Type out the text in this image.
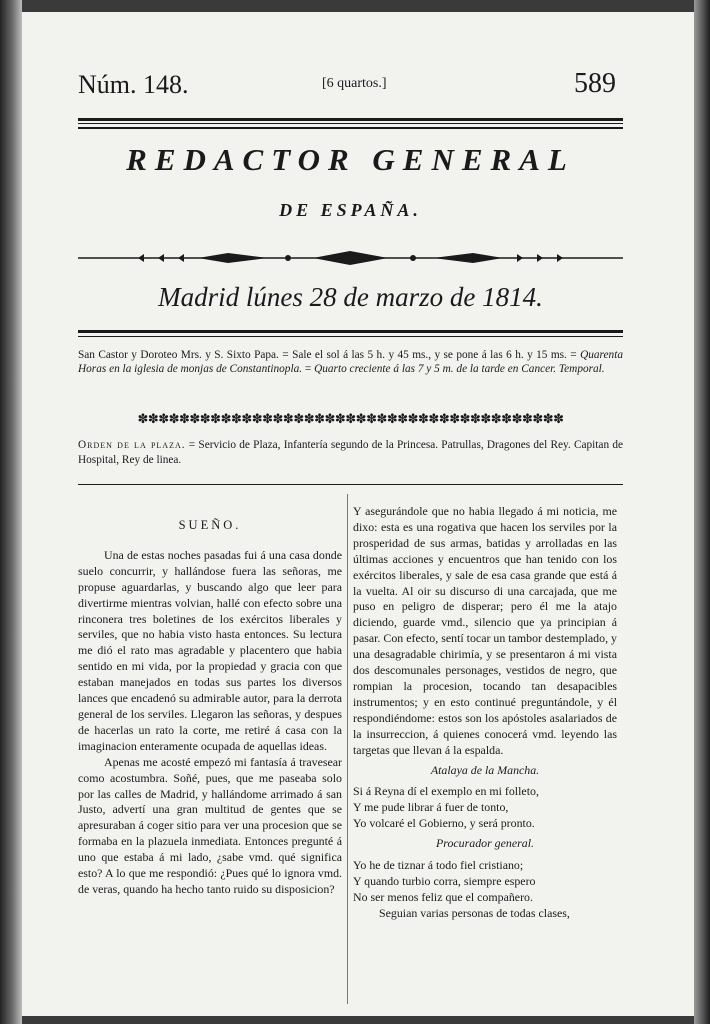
Núm. 148.	[6 quartos.]	589
REDACTOR GENERAL
DE ESPAÑA.
Madrid lúnes 28 de marzo de 1814.
San Castor y Doroteo Mrs. y S. Sixto Papa. = Sale el sol á las 5 h. y 45 ms., y se pone á las 6 h. y 15 ms. = Quarenta Horas en la iglesia de monjas de Constantinopla. = Quarto creciente á las 7 y 5 m. de la tarde en Cancer. Temporal.
✽✽✽✽✽✽✽✽✽✽✽✽✽✽✽✽✽✽✽✽✽✽✽✽✽✽✽✽✽✽✽✽✽✽✽✽✽✽✽✽✽
Orden de la plaza. = Servicio de Plaza, Infantería segundo de la Princesa. Patrullas, Dragones del Rey. Capitan de Hospital, Rey de linea.

SUEÑO.

Una de estas noches pasadas fui á una casa donde suelo concurrir, y hallándose fuera las señoras, me propuse aguardarlas, y buscando algo que leer para divertirme mientras volvian, hallé con efecto sobre una rinconera tres boletines de los exércitos liberales y serviles, que no habia visto hasta entonces. Su lectura me dió el rato mas agradable y placentero que habia sentido en mi vida, por la propiedad y gracia con que estaban manejados en todas sus partes los diversos lances que encadenó su admirable autor, para la derrota general de los serviles. Llegaron las señoras, y despues de hacerlas un rato la corte, me retiré á casa con la imaginacion enteramente ocupada de aquellas ideas.

Apenas me acosté empezó mi fantasía á travesear como acostumbra. Soñé, pues, que me paseaba solo por las calles de Madrid, y hallándome arrimado á san Justo, advertí una gran multitud de gentes que se apresuraban á coger sitio para ver una procesion que se formaba en la plazuela inmediata. Entonces pregunté á uno que estaba á mi lado, ¿sabe vmd. qué significa esto? A lo que me respondió: ¿Pues qué lo ignora vmd. de veras, quando ha hecho tanto ruido su disposicion?

Y asegurándole que no habia llegado á mi noticia, me dixo: esta es una rogativa que hacen los serviles por la prosperidad de sus armas, batidas y arrolladas en las últimas acciones y encuentros que han tenido con los exércitos liberales, y sale de esa casa grande que está á la vuelta. Al oir su discurso di una carcajada, que me puso en peligro de disperar; pero él me la atajo diciendo, guarde vmd., silencio que ya principian á pasar. Con efecto, sentí tocar un tambor destemplado, y una desagradable chirimía, y se presentaron á mi vista dos descomunales personages, vestidos de negro, que rompian la procesion, tocando tan desapacibles instrumentos; y en esto continué preguntándole, y él respondiéndome: estos son los apóstoles asalariados de la insurreccion, á quienes conocerá vmd. leyendo las targetas que llevan á la espalda.

Atalaya de la Mancha.

Si á Reyna dí el exemplo en mi folleto,

Y me pude librar á fuer de tonto,

Yo volcaré el Gobierno, y será pronto.

Procurador general.

Yo he de tiznar á todo fiel cristiano;

Y quando turbio corra, siempre espero

No ser menos feliz que el compañero.

Seguian varias personas de todas clases,
